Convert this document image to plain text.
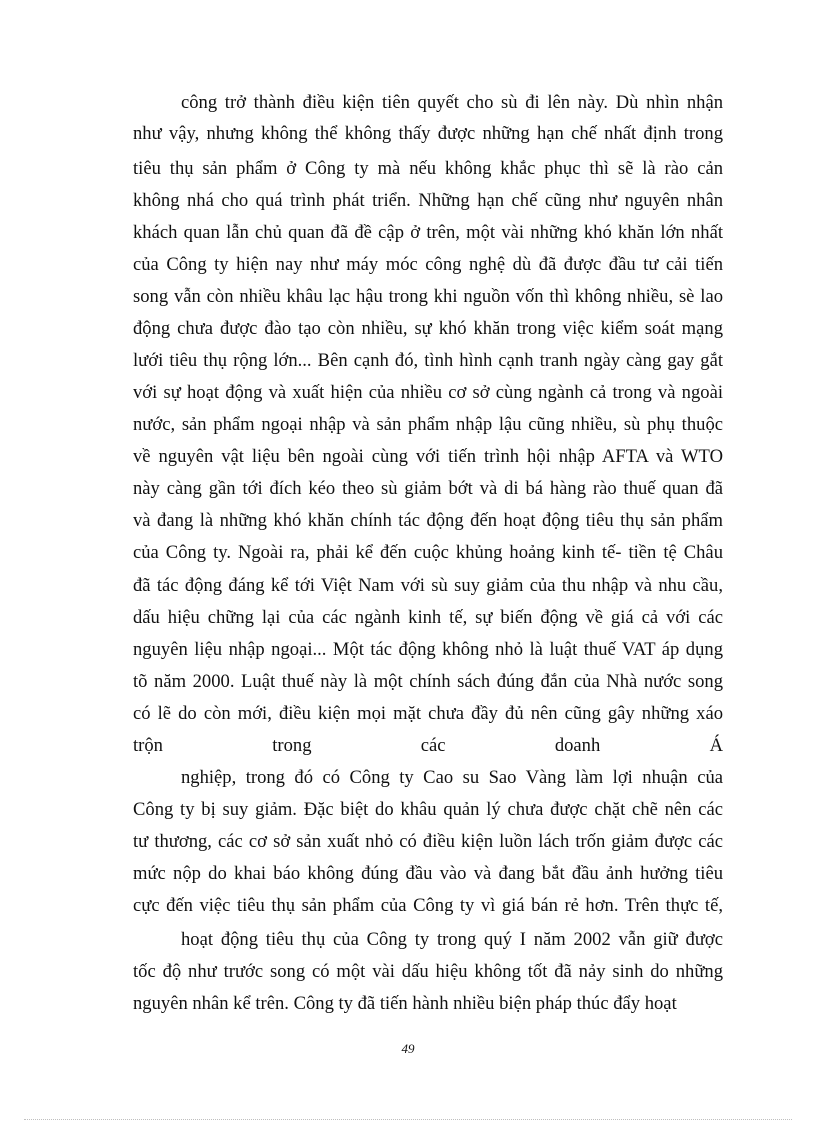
công trở thành điều kiện tiên quyết cho sù đi lên này. Dù nhìn nhận
như vậy, nhưng không thể không thấy được những hạn chế nhất định trong
tiêu thụ sản phẩm ở Công ty mà nếu không khắc phục thì sẽ là rào cản
không nhá cho quá trình phát triển. Những hạn chế cũng như nguyên nhân
khách quan lẫn chủ quan đã đề cập ở trên, một vài những khó khăn lớn nhất
của Công ty hiện nay như máy móc công nghệ dù đã được đầu tư cải tiến
song vẫn còn nhiều khâu lạc hậu trong khi nguồn vốn thì không nhiều, sè lao
động chưa được đào tạo còn nhiều, sự khó khăn trong việc kiểm soát mạng
lưới tiêu thụ rộng lớn... Bên cạnh đó, tình hình cạnh tranh ngày càng gay gắt
với sự hoạt động và xuất hiện của nhiều cơ sở cùng ngành cả trong và ngoài
nước, sản phẩm ngoại nhập và sản phẩm nhập lậu cũng nhiều, sù phụ thuộc
về nguyên vật liệu bên ngoài cùng với tiến trình hội nhập AFTA và WTO
này càng gần tới đích kéo theo sù giảm bớt và di bá hàng rào thuế quan đã
và đang là những khó khăn chính tác động đến hoạt động tiêu thụ sản phẩm
của Công ty. Ngoài ra, phải kể đến cuộc khủng hoảng kinh tế- tiền tệ Châu
đã tác động đáng kể tới Việt Nam với sù suy giảm của thu nhập và nhu cầu,
dấu hiệu chững lại của các ngành kinh tế, sự biến động về giá cả với các
nguyên liệu nhập ngoại... Một tác động không nhỏ là luật thuế VAT áp dụng
tõ năm 2000. Luật thuế này là một chính sách đúng đắn của Nhà nước song
có lẽ do còn mới, điều kiện mọi mặt chưa đầy đủ nên cũng gây những xáo
trộn trong các doanh Á
nghiệp, trong đó có Công ty Cao su Sao Vàng làm lợi nhuận của
Công ty bị suy giảm. Đặc biệt do khâu quản lý chưa được chặt chẽ nên các
tư thương, các cơ sở sản xuất nhỏ có điều kiện luồn lách trốn giảm được các
mức nộp do khai báo không đúng đầu vào và đang bắt đầu ảnh hưởng tiêu
cực đến việc tiêu thụ sản phẩm của Công ty vì giá bán rẻ hơn. Trên thực tế,
hoạt động tiêu thụ của Công ty trong quý I năm 2002 vẫn giữ được
tốc độ như trước song có một vài dấu hiệu không tốt đã nảy sinh do những
nguyên nhân kể trên. Công ty đã tiến hành nhiều biện pháp thúc đẩy hoạt
49
